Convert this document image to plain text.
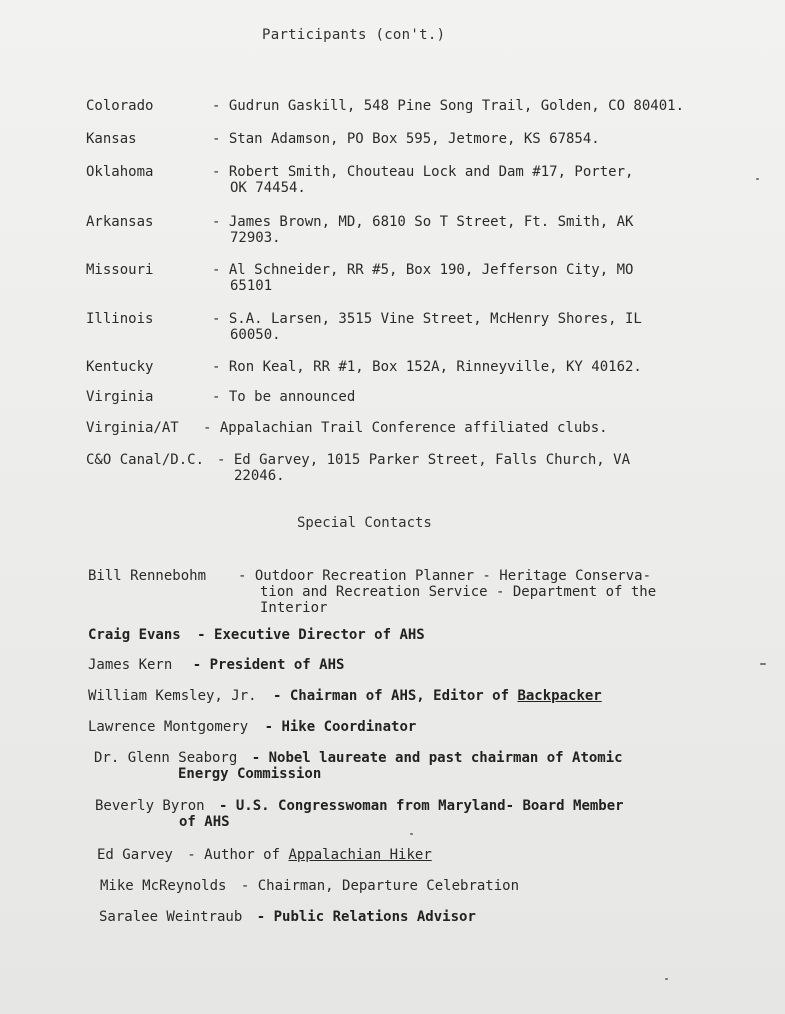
Participants (con't.)
Colorado	- Gudrun Gaskill, 548 Pine Song Trail, Golden, CO 80401.
Kansas	- Stan Adamson, PO Box 595, Jetmore, KS 67854.
Oklahoma	- Robert Smith, Chouteau Lock and Dam #17, Porter,
OK 74454.
Arkansas	- James Brown, MD, 6810 So T Street, Ft. Smith, AK
72903.
Missouri	- Al Schneider, RR #5, Box 190, Jefferson City, MO
65101
Illinois	- S.A. Larsen, 3515 Vine Street, McHenry Shores, IL
60050.
Kentucky	- Ron Keal, RR #1, Box 152A, Rinneyville, KY 40162.
Virginia	- To be announced
Virginia/AT - Appalachian Trail Conference affiliated clubs.
C&O Canal/D.C. - Ed Garvey, 1015 Parker Street, Falls Church, VA
22046.
Special Contacts
Bill Rennebohm - Outdoor Recreation Planner - Heritage Conserva-
tion and Recreation Service - Department of the
Interior
Craig Evans - Executive Director of AHS
James Kern - President of AHS
William Kemsley, Jr. - Chairman of AHS, Editor of Backpacker
Lawrence Montgomery - Hike Coordinator
Dr. Glenn Seaborg - Nobel laureate and past chairman of Atomic
Energy Commission
Beverly Byron - U.S. Congresswoman from Maryland- Board Member
of AHS
Ed Garvey - Author of Appalachian Hiker
Mike McReynolds - Chairman, Departure Celebration
Saralee Weintraub - Public Relations Advisor
